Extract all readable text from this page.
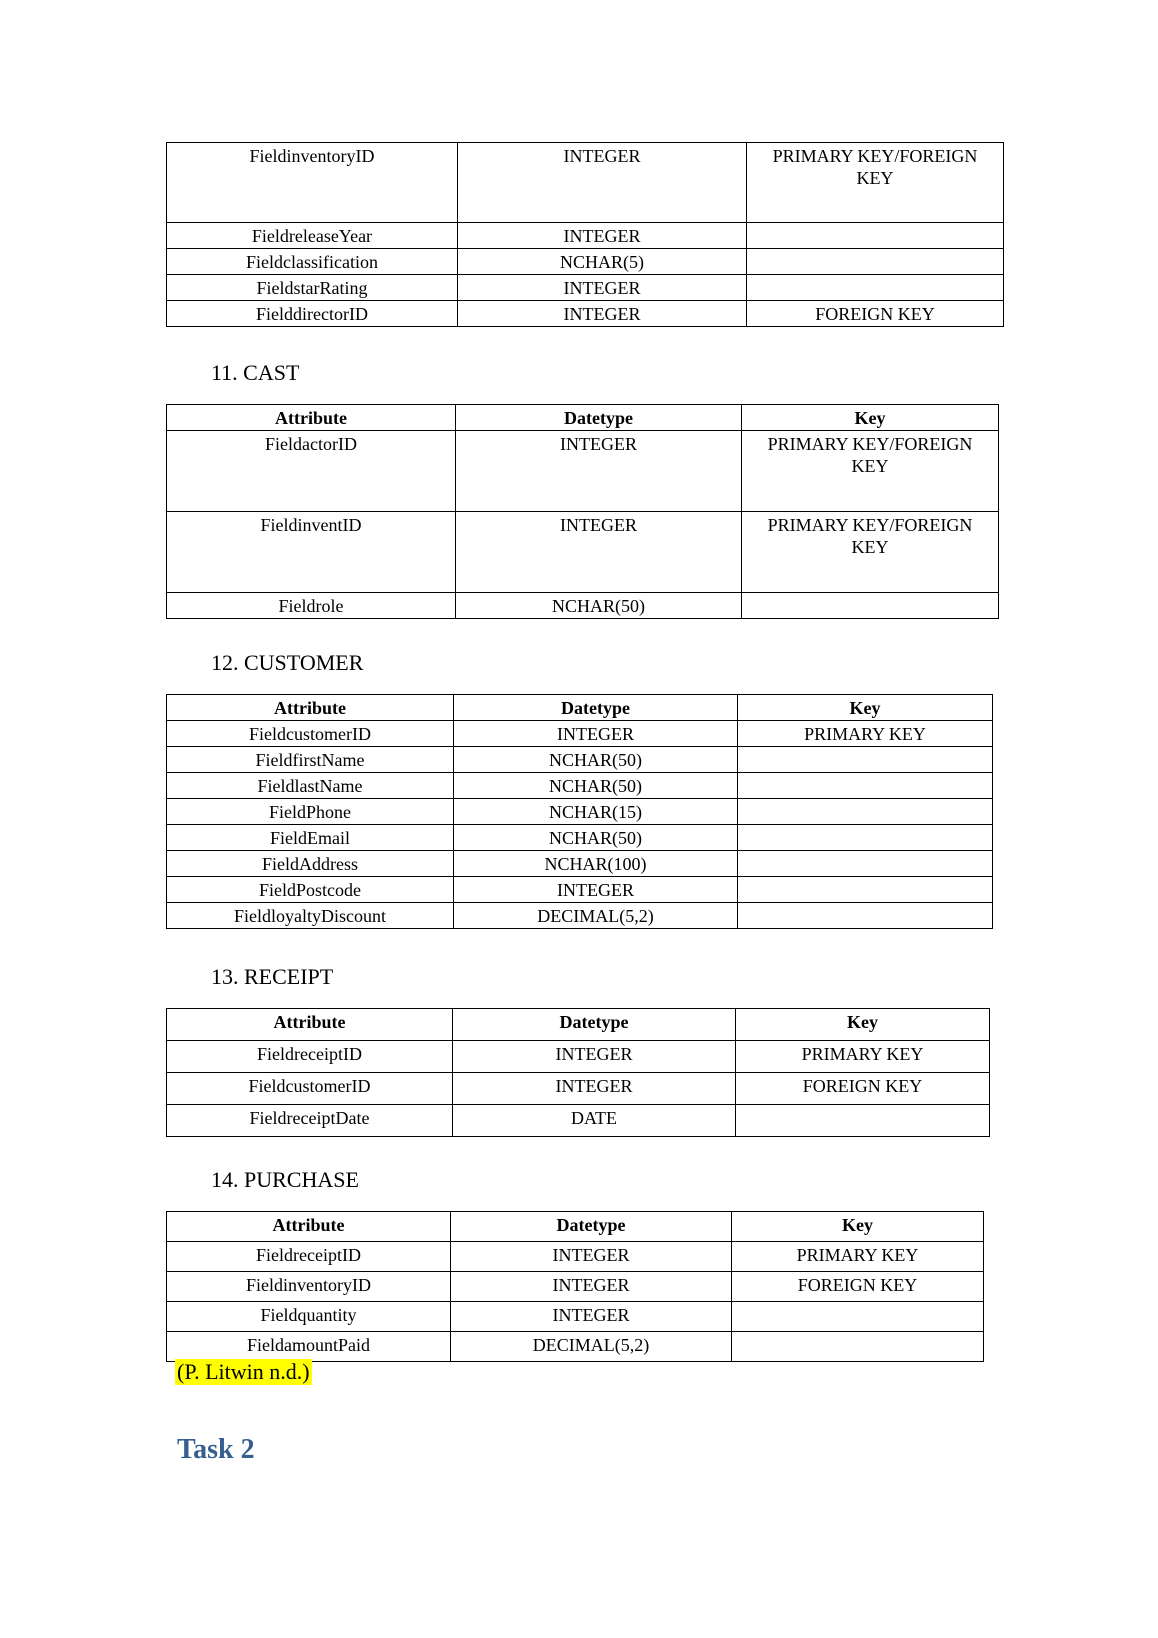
FieldinventoryID	INTEGER	PRIMARY KEY/FOREIGN KEY
FieldreleaseYear	INTEGER	
Fieldclassification	NCHAR(5)	
FieldstarRating	INTEGER	
FielddirectorID	INTEGER	FOREIGN KEY
11. CAST
Attribute	Datetype	Key
FieldactorID	INTEGER	PRIMARY KEY/FOREIGN KEY
FieldinventID	INTEGER	PRIMARY KEY/FOREIGN KEY
Fieldrole	NCHAR(50)	
12. CUSTOMER
Attribute	Datetype	Key
FieldcustomerID	INTEGER	PRIMARY KEY
FieldfirstName	NCHAR(50)	
FieldlastName	NCHAR(50)	
FieldPhone	NCHAR(15)	
FieldEmail	NCHAR(50)	
FieldAddress	NCHAR(100)	
FieldPostcode	INTEGER	
FieldloyaltyDiscount	DECIMAL(5,2)	
13. RECEIPT
Attribute	Datetype	Key
FieldreceiptID	INTEGER	PRIMARY KEY
FieldcustomerID	INTEGER	FOREIGN KEY
FieldreceiptDate	DATE	
14. PURCHASE
Attribute	Datetype	Key
FieldreceiptID	INTEGER	PRIMARY KEY
FieldinventoryID	INTEGER	FOREIGN KEY
Fieldquantity	INTEGER	
FieldamountPaid	DECIMAL(5,2)	
(P. Litwin n.d.)
Task 2
